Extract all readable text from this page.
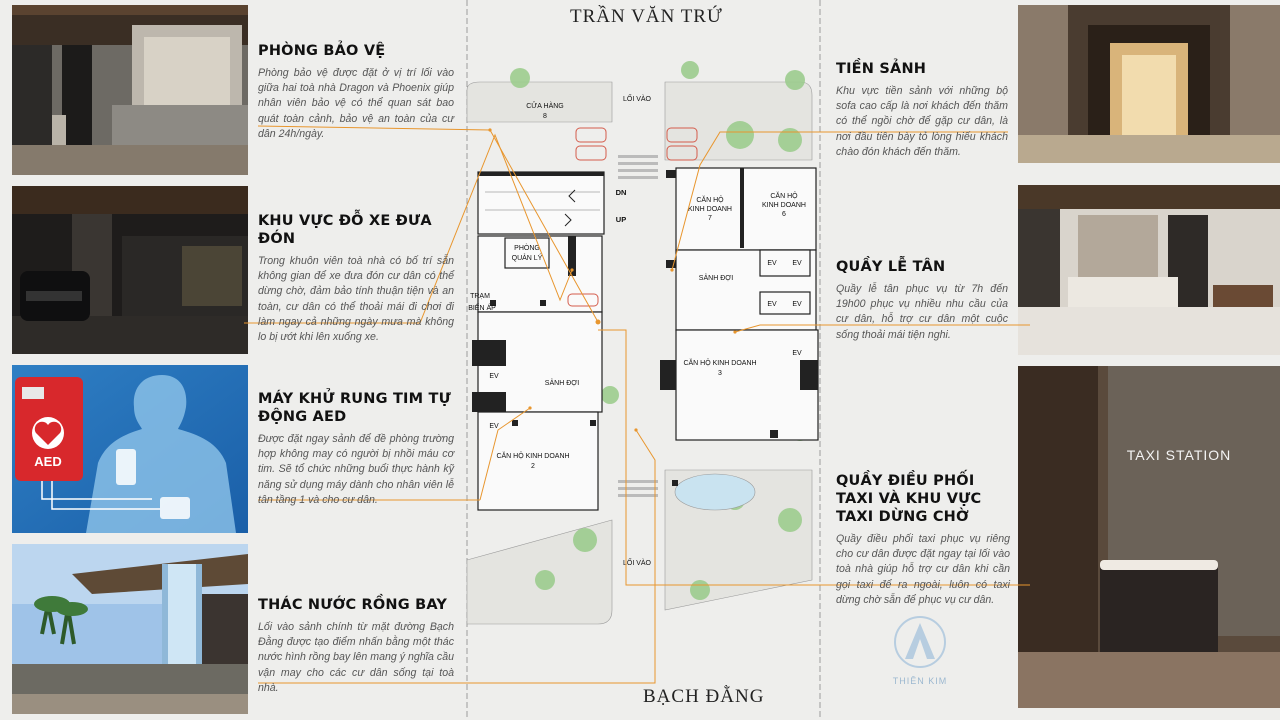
AED	TAXI STATION
TRẦN VĂN TRỨ
BẠCH ĐẰNG
CỬA HÀNG
8
LỐI VÀO
LỐI VÀO
PHÒNG
QUẢN LÝ
TRẠM
BIẾN ÁP
SẢNH ĐỢI
SẢNH ĐỢI
CĂN HỘ KINH DOANH
2
CĂN HỘ KINH DOANH
3
CĂN HỘ
KINH DOANH
7
CĂN HỘ
KINH DOANH
6
EV
EV
EV EV
EV EV
EV
DN
UP
PHÒNG BẢO VỆ

Phòng bảo vệ được đặt ở vị trí lối vào giữa hai toà nhà Dragon và Phoenix giúp nhân viên bảo vệ có thể quan sát bao quát toàn cảnh, bảo vệ an toàn của cư dân 24h/ngày.

KHU VỰC ĐỖ XE ĐƯA ĐÓN

Trong khuôn viên toà nhà có bố trí sẵn không gian để xe đưa đón cư dân có thể dừng chờ, đảm bảo tính thuận tiện và an toàn, cư dân có thể thoải mái đi chơi đi làm ngay cả những ngày mưa mà không lo bị ướt khi lên xuống xe.

MÁY KHỬ RUNG TIM TỰ ĐỘNG AED

Được đặt ngay sảnh để đề phòng trường hợp không may có người bị nhồi máu cơ tim. Sẽ tổ chức những buổi thực hành kỹ năng sử dụng máy dành cho nhân viên lễ tân tầng 1 và cho cư dân.

THÁC NƯỚC RỒNG BAY

Lối vào sảnh chính từ mặt đường Bạch Đằng được tạo điểm nhấn bằng một thác nước hình rồng bay lên mang ý nghĩa cầu vận may cho các cư dân sống tại toà nhà.

TIỀN SẢNH

Khu vực tiền sảnh với những bộ sofa cao cấp là nơi khách đến thăm có thể ngồi chờ để gặp cư dân, là nơi đầu tiên bày tỏ lòng hiếu khách chào đón khách đến thăm.

QUẦY LỄ TÂN

Quầy lễ tân phục vụ từ 7h đến 19h00 phục vụ nhiều nhu cầu của cư dân, hỗ trợ cư dân một cuộc sống thoải mái tiện nghi.

QUẦY ĐIỀU PHỐI TAXI VÀ KHU VỰC TAXI DỪNG CHỜ

Quầy điều phối taxi phục vụ riêng cho cư dân được đặt ngay tại lối vào toà nhà giúp hỗ trợ cư dân khi cần gọi taxi để ra ngoài, luôn có taxi dừng chờ sẵn để phục vụ cư dân.

THIÊN KIM
